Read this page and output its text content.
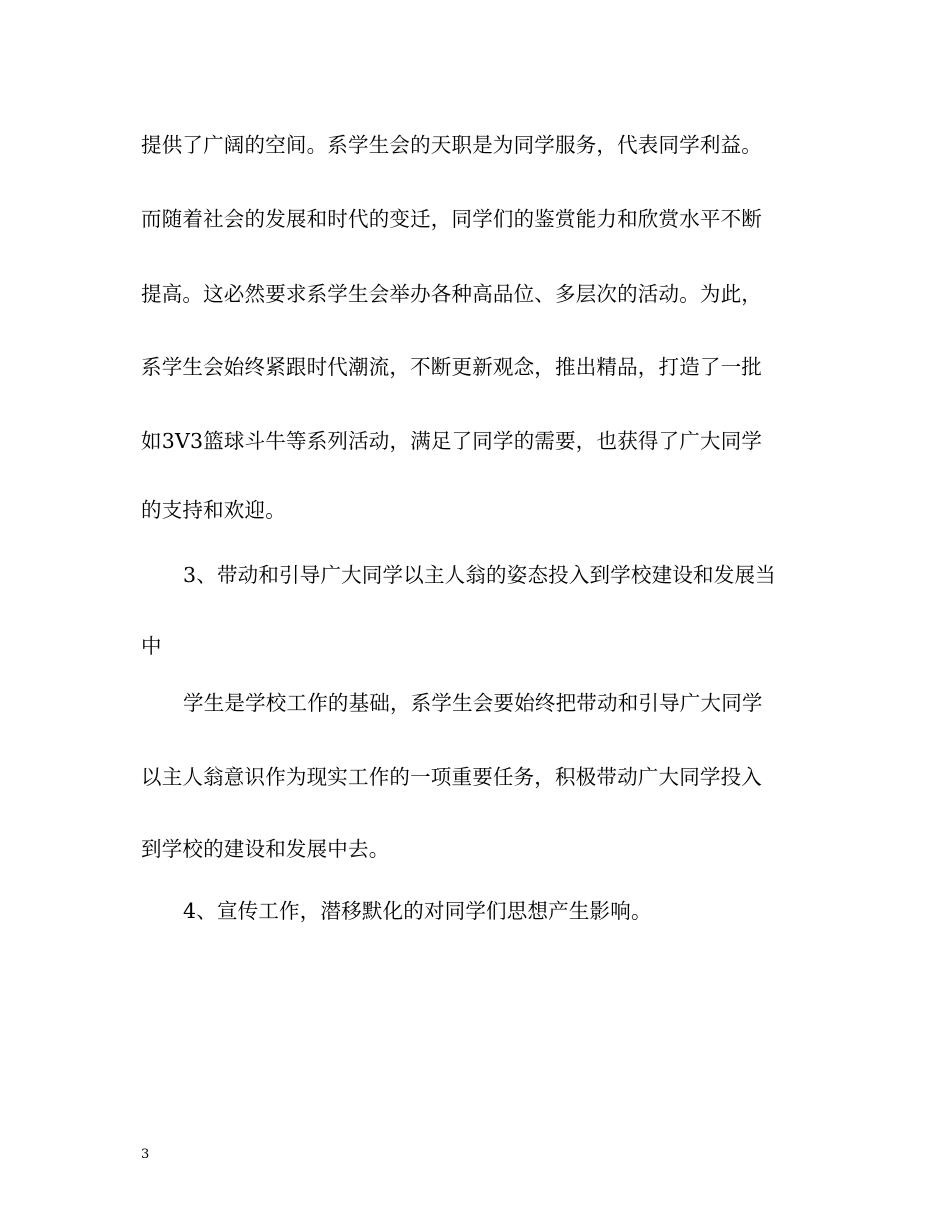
提供了广阔的空间。系学生会的天职是为同学服务，代表同学利益。
而随着社会的发展和时代的变迁，同学们的鉴赏能力和欣赏水平不断
提高。这必然要求系学生会举办各种高品位、多层次的活动。为此，
系学生会始终紧跟时代潮流，不断更新观念，推出精品，打造了一批
如3V3篮球斗牛等系列活动，满足了同学的需要，也获得了广大同学
的支持和欢迎。
3、带动和引导广大同学以主人翁的姿态投入到学校建设和发展当
中
学生是学校工作的基础，系学生会要始终把带动和引导广大同学
以主人翁意识作为现实工作的一项重要任务，积极带动广大同学投入
到学校的建设和发展中去。
4、宣传工作，潜移默化的对同学们思想产生影响。
3
